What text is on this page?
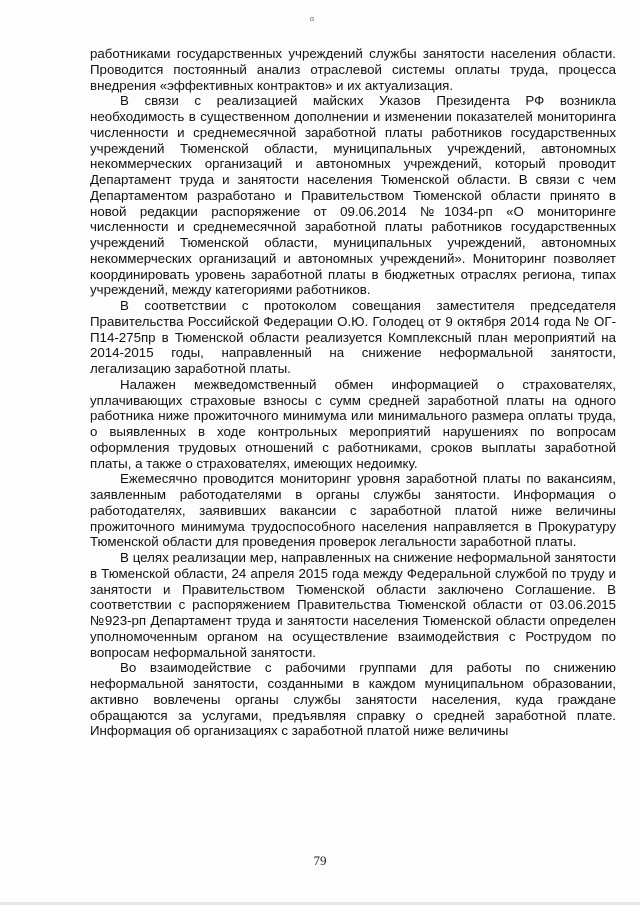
ɑ

работниками государственных учреждений службы занятости населения области. Проводится постоянный анализ отраслевой системы оплаты труда, процесса внедрения «эффективных контрактов» и их актуализация.

В связи с реализацией майских Указов Президента РФ возникла необходимость в существенном дополнении и изменении показателей мониторинга численности и среднемесячной заработной платы работников государственных учреждений Тюменской области, муниципальных учреждений, автономных некоммерческих организаций и автономных учреждений, который проводит Департамент труда и занятости населения Тюменской области. В связи с чем Департаментом разработано и Правительством Тюменской области принято в новой редакции распоряжение от 09.06.2014 №1034-рп «О мониторинге численности и среднемесячной заработной платы работников государственных учреждений Тюменской области, муниципальных учреждений, автономных некоммерческих организаций и автономных учреждений». Мониторинг позволяет координировать уровень заработной платы в бюджетных отраслях региона, типах учреждений, между категориями работников.

В соответствии с протоколом совещания заместителя председателя Правительства Российской Федерации О.Ю. Голодец от 9 октября 2014 года № ОГ-П14-275пр в Тюменской области реализуется Комплексный план мероприятий на 2014-2015 годы, направленный на снижение неформальной занятости, легализацию заработной платы.

Налажен межведомственный обмен информацией о страхователях, уплачивающих страховые взносы с сумм средней заработной платы на одного работника ниже прожиточного минимума или минимального размера оплаты труда, о выявленных в ходе контрольных мероприятий нарушениях по вопросам оформления трудовых отношений с работниками, сроков выплаты заработной платы, а также о страхователях, имеющих недоимку.

Ежемесячно проводится мониторинг уровня заработной платы по вакансиям, заявленным работодателями в органы службы занятости. Информация о работодателях, заявивших вакансии с заработной платой ниже величины прожиточного минимума трудоспособного населения направляется в Прокуратуру Тюменской области для проведения проверок легальности заработной платы.

В целях реализации мер, направленных на снижение неформальной занятости в Тюменской области, 24 апреля 2015 года между Федеральной службой по труду и занятости и Правительством Тюменской области заключено Соглашение. В соответствии с распоряжением Правительства Тюменской области от 03.06.2015 №923-рп Департамент труда и занятости населения Тюменской области определен уполномоченным органом на осуществление взаимодействия с Рострудом по вопросам неформальной занятости.

Во взаимодействие с рабочими группами для работы по снижению неформальной занятости, созданными в каждом муниципальном образовании, активно вовлечены органы службы занятости населения, куда граждане обращаются за услугами, предъявляя справку о средней заработной плате. Информация об организациях с заработной платой ниже величины

79
